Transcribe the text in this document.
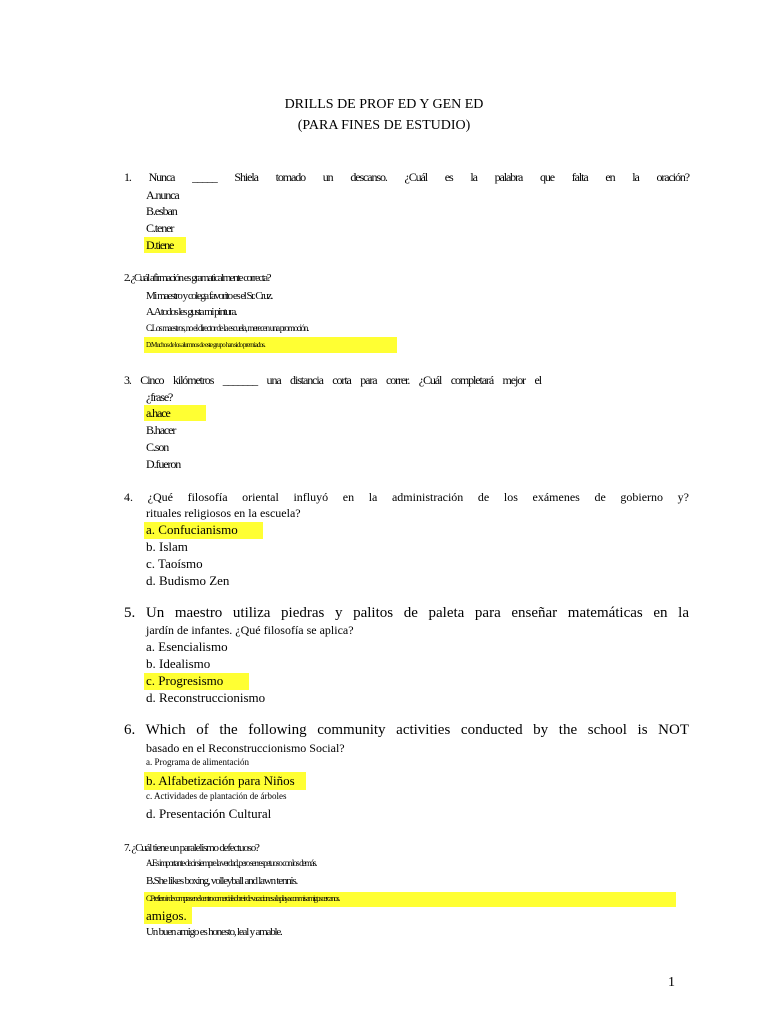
DRILLS DE PROF ED Y GEN ED
(PARA FINES DE ESTUDIO)
1. Nunca _____ Shiela tomado un descanso. ¿Cuál es la palabra que falta en la oración?
A.nunca
B.esban
C.tener
D.tiene
2. ¿Cuál afirmación es gramaticalmente correcta?
Mi maestro y colega favorito es el Sr. Cruz.
A.A todos les gusta mi pintura.
C.Los maestros, no el director de la escuela, merecen una promoción.
D.Muchos de los alumnos de este grupo han sido premiados.
3. Cinco kilómetros _______ una distancia corta para correr. ¿Cuál completará mejor el
¿frase?
a.hace
B.hacer
C.son
D.fueron
4. ¿Qué filosofía oriental influyó en la administración de los exámenes de gobierno y?
rituales religiosos en la escuela?
a. Confucianismo
b. Islam
c. Taoísmo
d. Budismo Zen
5. Un maestro utiliza piedras y palitos de paleta para enseñar matemáticas en la
jardín de infantes. ¿Qué filosofía se aplica?
a. Esencialismo
b. Idealismo
c. Progresismo
d. Reconstruccionismo
6. Which of the following community activities conducted by the school is NOT
basado en el Reconstruccionismo Social?
a. Programa de alimentación
b. Alfabetización para Niños
c. Actividades de plantación de árboles
d. Presentación Cultural
7. ¿Cuál tiene un paralelismo defectuoso?
A.Es importante decir siempre la verdad, pero ser respetuoso con los demás.
B.She likes boxing, volleyball and lawn tennis.
C.Prefiero ir de compras en el centro comercial sobre ir de vacaciones a la playa con mis amigos cercanos.
amigos.
Un buen amigo es honesto, leal y amable.
1
